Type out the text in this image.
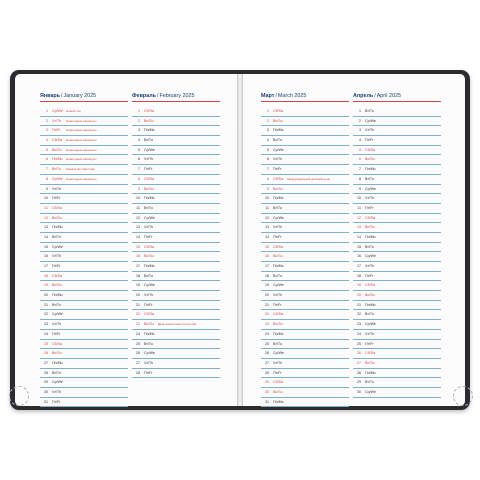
Январь/January 2025
1 Ср/We Новый год
2 Чт/Th Новогодние каникулы
3 Пт/Fr Новогодние каникулы
4 Сб/Sa Новогодние каникулы
5 Вс/Su Новогодние каникулы
6 Пн/Mo Новогодние каникулы
7 Вт/Tu Рождество Христово
8 Ср/We Новогодние каникулы
9 Чт/Th
10 Пт/Fr
11 Сб/Sa
12 Вс/Su
13 Пн/Mo
14 Вт/Tu
15 Ср/We
16 Чт/Th
17 Пт/Fr
18 Сб/Sa
19 Вс/Su
20 Пн/Mo
21 Вт/Tu
22 Ср/We
23 Чт/Th
24 Пт/Fr
25 Сб/Sa
26 Вс/Su
27 Пн/Mo
28 Вт/Tu
29 Ср/We
30 Чт/Th
31 Пт/Fr
Февраль/February 2025
1 Сб/Sa
2 Вс/Su
3 Пн/Mo
4 Вт/Tu
5 Ср/We
6 Чт/Th
7 Пт/Fr
8 Сб/Sa
9 Вс/Su
10 Пн/Mo
11 Вт/Tu
12 Ср/We
13 Чт/Th
14 Пт/Fr
15 Сб/Sa
16 Вс/Su
17 Пн/Mo
18 Вт/Tu
19 Ср/We
20 Чт/Th
21 Пт/Fr
22 Сб/Sa
23 Вс/Su День защитника Отечества
24 Пн/Mo
25 Вт/Tu
26 Ср/We
27 Чт/Th
28 Пт/Fr
Март/March 2025
1 Сб/Sa
2 Вс/Su
3 Пн/Mo
4 Вт/Tu
5 Ср/We
6 Чт/Th
7 Пт/Fr
8 Сб/Sa Международный женский день
9 Вс/Su
10 Пн/Mo
11 Вт/Tu
12 Ср/We
13 Чт/Th
14 Пт/Fr
15 Сб/Sa
16 Вс/Su
17 Пн/Mo
18 Вт/Tu
19 Ср/We
20 Чт/Th
21 Пт/Fr
22 Сб/Sa
23 Вс/Su
24 Пн/Mo
25 Вт/Tu
26 Ср/We
27 Чт/Th
28 Пт/Fr
29 Сб/Sa
30 Вс/Su
31 Пн/Mo
Апрель/April 2025
1 Вт/Tu
2 Ср/We
3 Чт/Th
4 Пт/Fr
5 Сб/Sa
6 Вс/Su
7 Пн/Mo
8 Вт/Tu
9 Ср/We
10 Чт/Th
11 Пт/Fr
12 Сб/Sa
13 Вс/Su
14 Пн/Mo
15 Вт/Tu
16 Ср/We
17 Чт/Th
18 Пт/Fr
19 Сб/Sa
20 Вс/Su
21 Пн/Mo
22 Вт/Tu
23 Ср/We
24 Чт/Th
25 Пт/Fr
26 Сб/Sa
27 Вс/Su
28 Пн/Mo
29 Вт/Tu
30 Ср/We
